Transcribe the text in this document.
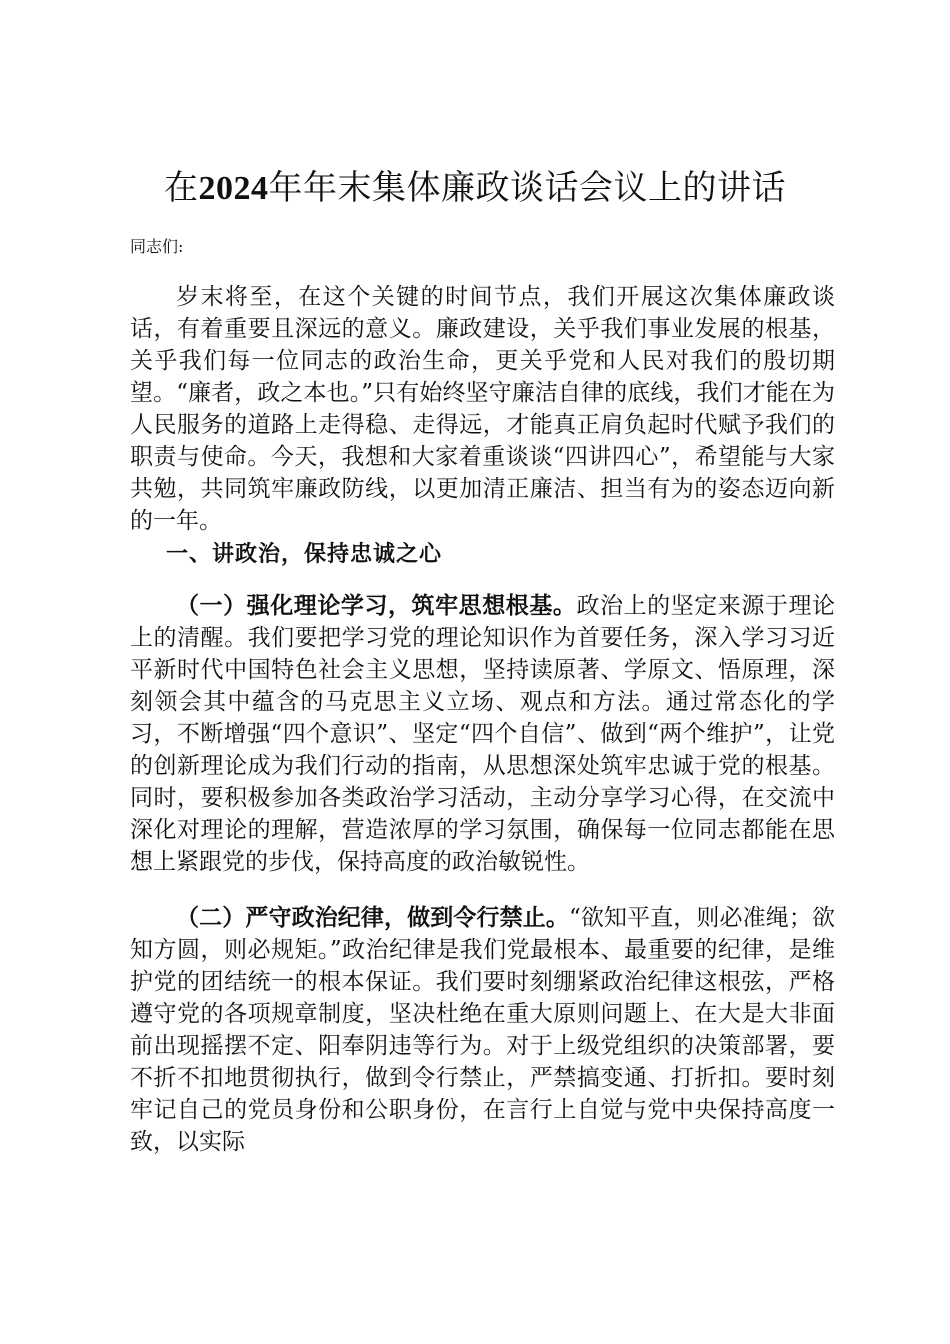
在2024年年末集体廉政谈话会议上的讲话
同志们:

岁末将至，在这个关键的时间节点，我们开展这次集体廉政谈话，有着重要且深远的意义。廉政建设，关乎我们事业发展的根基，关乎我们每一位同志的政治生命，更关乎党和人民对我们的殷切期望。“廉者，政之本也。”只有始终坚守廉洁自律的底线，我们才能在为人民服务的道路上走得稳、走得远，才能真正肩负起时代赋予我们的职责与使命。今天，我想和大家着重谈谈“四讲四心”，希望能与大家共勉，共同筑牢廉政防线，以更加清正廉洁、担当有为的姿态迈向新的一年。

一、讲政治，保持忠诚之心

（一）强化理论学习，筑牢思想根基。政治上的坚定来源于理论上的清醒。我们要把学习党的理论知识作为首要任务，深入学习习近平新时代中国特色社会主义思想，坚持读原著、学原文、悟原理，深刻领会其中蕴含的马克思主义立场、观点和方法。通过常态化的学习，不断增强“四个意识”、坚定“四个自信”、做到“两个维护”，让党的创新理论成为我们行动的指南，从思想深处筑牢忠诚于党的根基。同时，要积极参加各类政治学习活动，主动分享学习心得，在交流中深化对理论的理解，营造浓厚的学习氛围，确保每一位同志都能在思想上紧跟党的步伐，保持高度的政治敏锐性。

（二）严守政治纪律，做到令行禁止。“欲知平直，则必准绳；欲知方圆，则必规矩。”政治纪律是我们党最根本、最重要的纪律，是维护党的团结统一的根本保证。我们要时刻绷紧政治纪律这根弦，严格遵守党的各项规章制度，坚决杜绝在重大原则问题上、在大是大非面前出现摇摆不定、阳奉阴违等行为。对于上级党组织的决策部署，要不折不扣地贯彻执行，做到令行禁止，严禁搞变通、打折扣。要时刻牢记自己的党员身份和公职身份，在言行上自觉与党中央保持高度一致，以实际
